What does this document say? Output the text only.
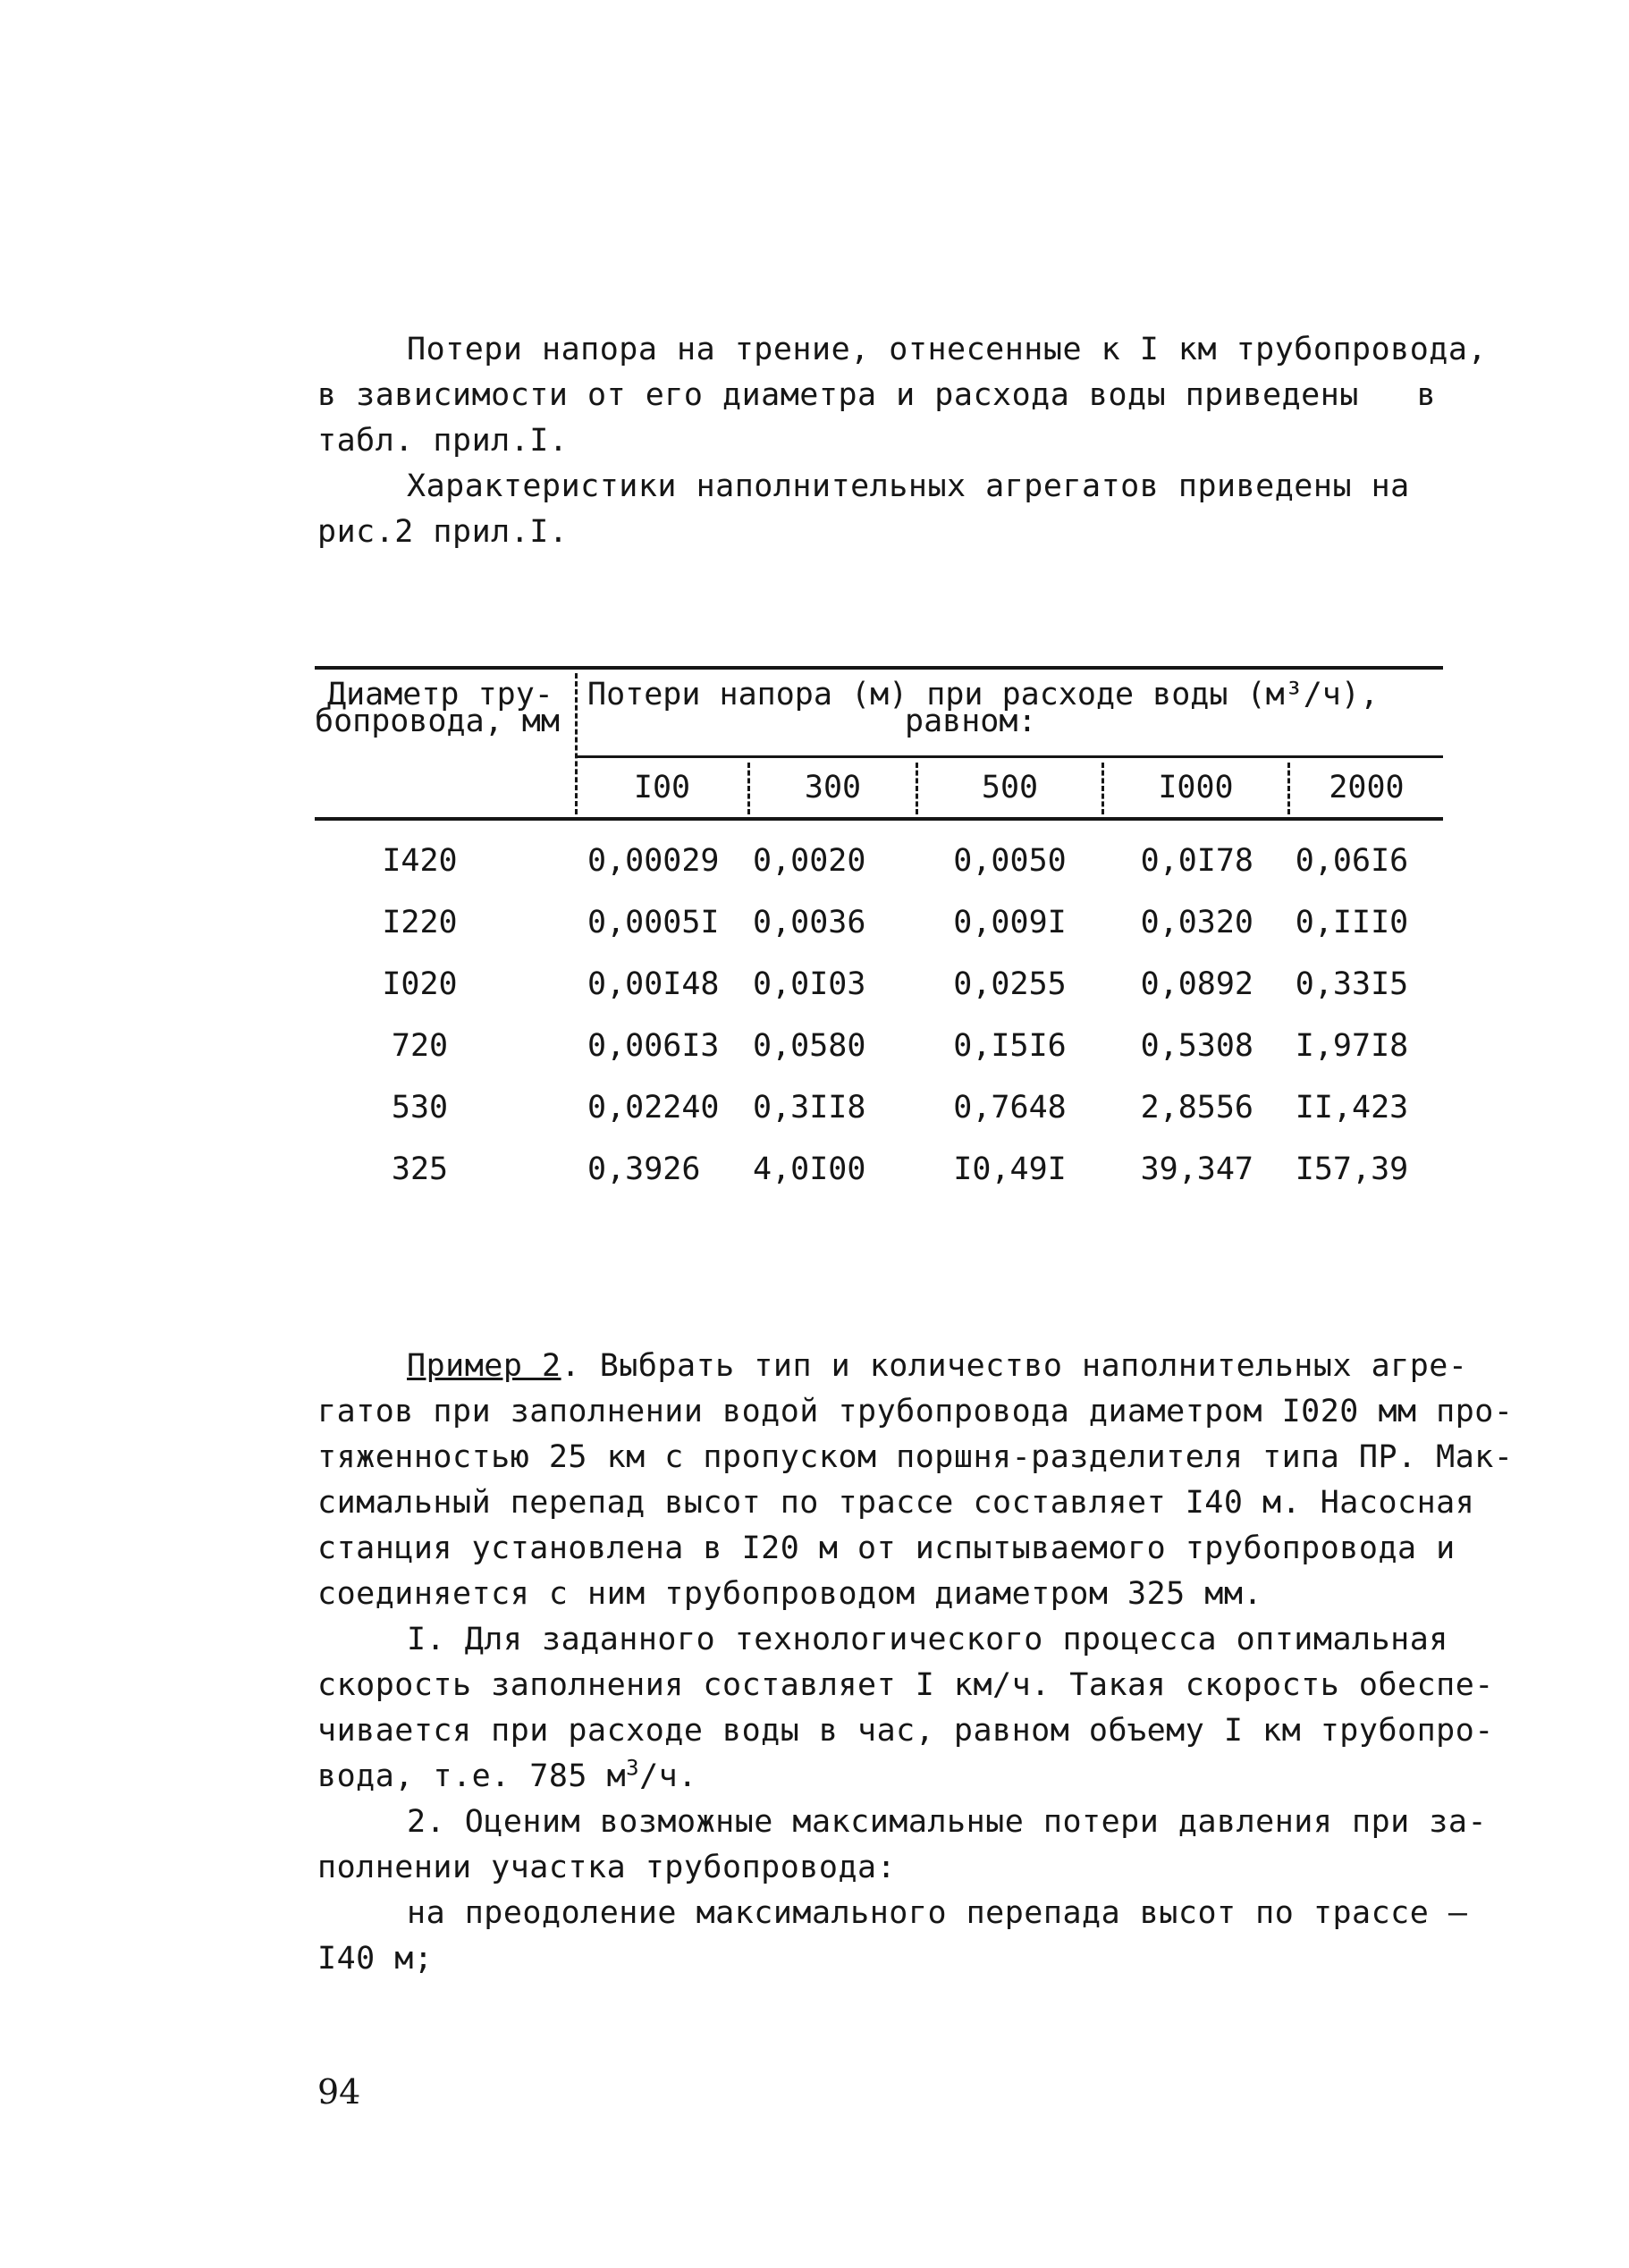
Потери напора на трение, отнесенные к I км трубопровода,
в зависимости от его диаметра и расхода воды приведены   в
табл. прил.I.
Характеристики наполнительных агрегатов приведены на
рис.2 прил.I.
Диаметр тру-
бопровода, мм
Потери напора (м) при расходе воды (м³/ч),
равном:
I00	300	500	I000	2000
I420	0,00029 0,0020	0,0050	0,0I78	0,06I6
I220	0,0005I 0,0036	0,009I	0,0320	0,III0
I020	0,00I48 0,0I03	0,0255	0,0892	0,33I5
720	0,006I3 0,0580	0,I5I6	0,5308	I,97I8
530	0,02240 0,3II8	0,7648	2,8556	II,423
325	0,3926	4,0I00	I0,49I	39,347	I57,39
Пример 2. Выбрать тип и количество наполнительных агре-
гатов при заполнении водой трубопровода диаметром I020 мм про-
тяженностью 25 км с пропуском поршня-разделителя типа ПР. Мак-
симальный перепад высот по трассе составляет I40 м. Насосная
станция установлена в I20 м от испытываемого трубопровода и
соединяется с ним трубопроводом диаметром 325 мм.
I. Для заданного технологического процесса оптимальная
скорость заполнения составляет I км/ч. Такая скорость обеспе-
чивается при расходе воды в час, равном объему I км трубопро-
вода, т.е. 785 $м^3/ч$.
2. Оценим возможные максимальные потери давления при за-
полнении участка трубопровода:
на преодоление максимального перепада высот по трассе –
I40 м;
94
